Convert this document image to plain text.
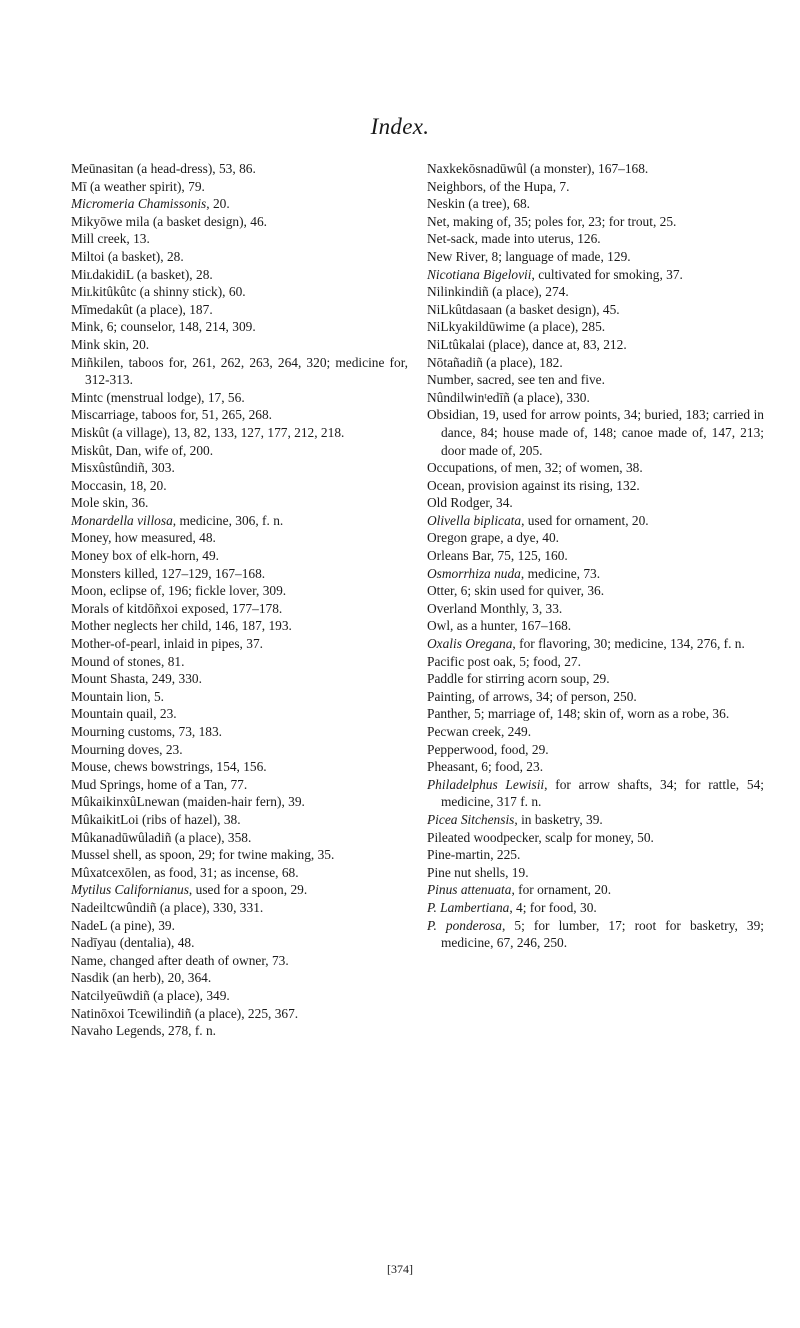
Index.
Meūnasitan (a head-dress), 53, 86.
Mī (a weather spirit), 79.
Micromeria Chamissonis, 20.
Mikyōwe mila (a basket design), 46.
Mill creek, 13.
Miltoi (a basket), 28.
MiʟdakidiL (a basket), 28.
Miʟkitûkûtc (a shinny stick), 60.
Mīmedakût (a place), 187.
Mink, 6; counselor, 148, 214, 309.
Mink skin, 20.
Miñkilen, taboos for, 261, 262, 263, 264, 320; medicine for, 312-313.
Mintc (menstrual lodge), 17, 56.
Miscarriage, taboos for, 51, 265, 268.
Miskût (a village), 13, 82, 133, 127, 177, 212, 218.
Miskût, Dan, wife of, 200.
Misxûstûndiñ, 303.
Moccasin, 18, 20.
Mole skin, 36.
Monardella villosa, medicine, 306, f. n.
Money, how measured, 48.
Money box of elk-horn, 49.
Monsters killed, 127–129, 167–168.
Moon, eclipse of, 196; fickle lover, 309.
Morals of kitdōñxoi exposed, 177–178.
Mother neglects her child, 146, 187, 193.
Mother-of-pearl, inlaid in pipes, 37.
Mound of stones, 81.
Mount Shasta, 249, 330.
Mountain lion, 5.
Mountain quail, 23.
Mourning customs, 73, 183.
Mourning doves, 23.
Mouse, chews bowstrings, 154, 156.
Mud Springs, home of a Tan, 77.
MûkaikinxûLnewan (maiden-hair fern), 39.
MûkaikitLoi (ribs of hazel), 38.
Mûkanadūwûladiñ (a place), 358.
Mussel shell, as spoon, 29; for twine making, 35.
Mûxatcexōlen, as food, 31; as incense, 68.
Mytilus Californianus, used for a spoon, 29.
Nadeiltcwûndiñ (a place), 330, 331.
NadeL (a pine), 39.
Nadīyau (dentalia), 48.
Name, changed after death of owner, 73.
Nasdik (an herb), 20, 364.
Natcilyeūwdiñ (a place), 349.
Natinōxoi Tcewilindiñ (a place), 225, 367.
Navaho Legends, 278, f. n.
Naxkekōsnadūwûl (a monster), 167–168.
Neighbors, of the Hupa, 7.
Neskin (a tree), 68.
Net, making of, 35; poles for, 23; for trout, 25.
Net-sack, made into uterus, 126.
New River, 8; language of made, 129.
Nicotiana Bigelovii, cultivated for smoking, 37.
Nilinkindiñ (a place), 274.
NiLkûtdasaan (a basket design), 45.
NiLkyakildūwime (a place), 285.
NiLtûkalai (place), dance at, 83, 212.
Nōtañadiñ (a place), 182.
Number, sacred, see ten and five.
Nûndilwinᵗedīñ (a place), 330.
Obsidian, 19, used for arrow points, 34; buried, 183; carried in dance, 84; house made of, 148; canoe made of, 147, 213; door made of, 205.
Occupations, of men, 32; of women, 38.
Ocean, provision against its rising, 132.
Old Rodger, 34.
Olivella biplicata, used for ornament, 20.
Oregon grape, a dye, 40.
Orleans Bar, 75, 125, 160.
Osmorrhiza nuda, medicine, 73.
Otter, 6; skin used for quiver, 36.
Overland Monthly, 3, 33.
Owl, as a hunter, 167–168.
Oxalis Oregana, for flavoring, 30; medicine, 134, 276, f. n.
Pacific post oak, 5; food, 27.
Paddle for stirring acorn soup, 29.
Painting, of arrows, 34; of person, 250.
Panther, 5; marriage of, 148; skin of, worn as a robe, 36.
Pecwan creek, 249.
Pepperwood, food, 29.
Pheasant, 6; food, 23.
Philadelphus Lewisii, for arrow shafts, 34; for rattle, 54; medicine, 317 f. n.
Picea Sitchensis, in basketry, 39.
Pileated woodpecker, scalp for money, 50.
Pine-martin, 225.
Pine nut shells, 19.
Pinus attenuata, for ornament, 20.
P. Lambertiana, 4; for food, 30.
P. ponderosa, 5; for lumber, 17; root for basketry, 39; medicine, 67, 246, 250.
[374]
